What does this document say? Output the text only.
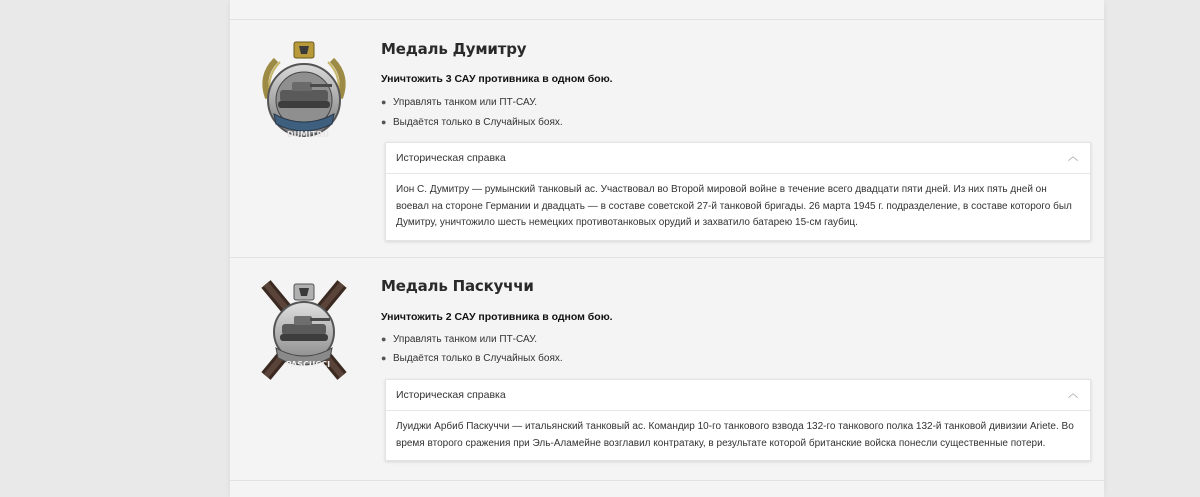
DUMITRU
Медаль Думитру
Уничтожить 3 САУ противника в одном бою.
● Управлять танком или ПТ-САУ.
● Выдаётся только в Случайных боях.
Историческая справка	︿
Ион С. Думитру — румынский танковый ас. Участвовал во Второй мировой войне в течение всего двадцати пяти дней. Из них пять дней он воевал на стороне Германии и двадцать — в составе советской 27-й танковой бригады. 26 марта 1945 г. подразделение, в составе которого был Думитру, уничтожило шесть немецких противотанковых орудий и захватило батарею 15-см гаубиц.
PASCUCCI
Медаль Паскуччи
Уничтожить 2 САУ противника в одном бою.
● Управлять танком или ПТ-САУ.
● Выдаётся только в Случайных боях.
Историческая справка	︿
Луиджи Арбиб Паскуччи — итальянский танковый ас. Командир 10-го танкового взвода 132-го танкового полка 132-й танковой дивизии Ariete. Во время второго сражения при Эль-Аламейне возглавил контратаку, в результате которой британские войска понесли существенные потери.
